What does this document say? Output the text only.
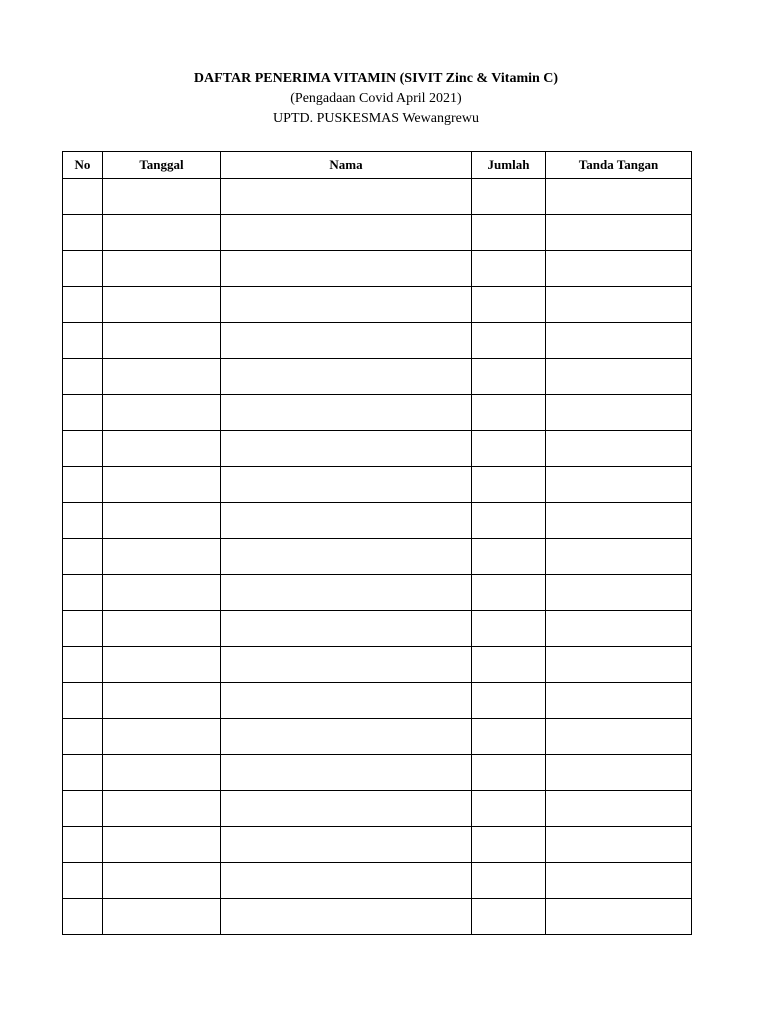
DAFTAR PENERIMA VITAMIN (SIVIT Zinc & Vitamin C)

(Pengadaan Covid April 2021)

UPTD. PUSKESMAS Wewangrewu

No	Tanggal	Nama	Jumlah	Tanda Tangan
